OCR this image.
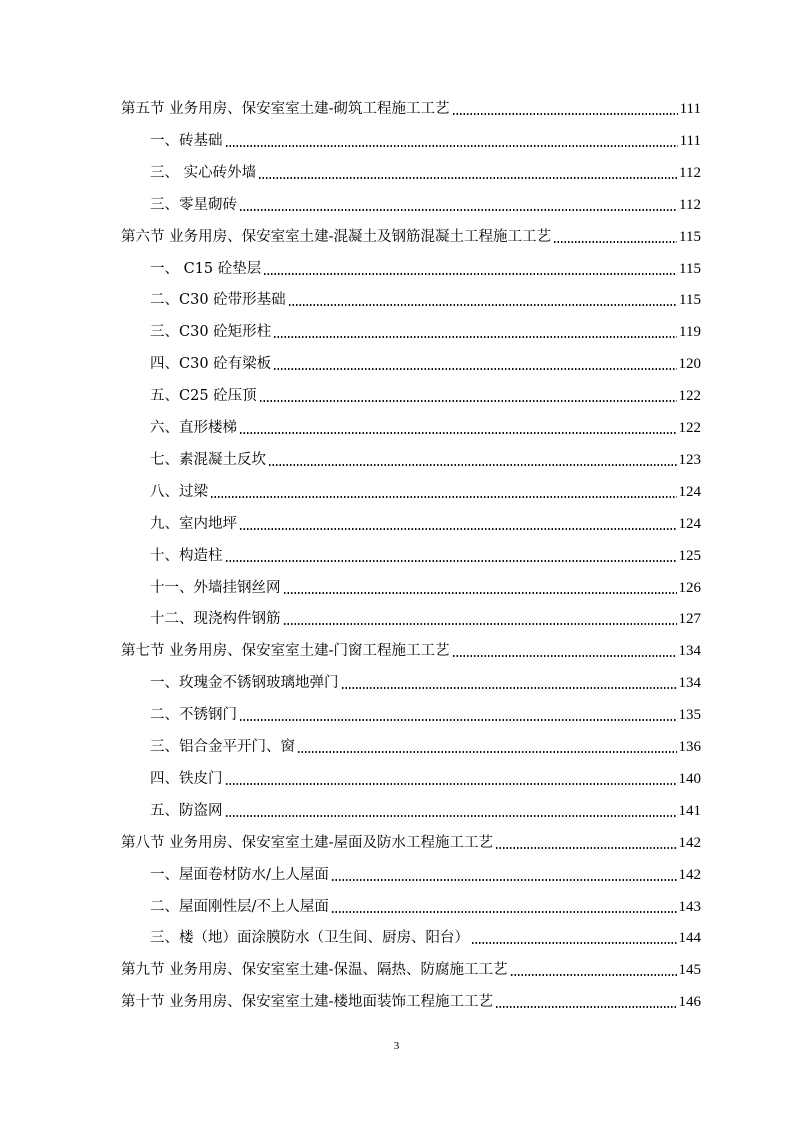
第五节 业务用房、保安室室土建-砌筑工程施工工艺	111
一、砖基础	111
三、 实心砖外墙	112
三、零星砌砖	112
第六节 业务用房、保安室室土建-混凝土及钢筋混凝土工程施工工艺	115
一、 C15 砼垫层	115
二、C30 砼带形基础	115
三、C30 砼矩形柱	119
四、C30 砼有梁板	120
五、C25 砼压顶	122
六、直形楼梯	122
七、素混凝土反坎	123
八、过梁	124
九、室内地坪	124
十、构造柱	125
十一、外墙挂钢丝网	126
十二、现浇构件钢筋	127
第七节 业务用房、保安室室土建-门窗工程施工工艺	134
一、玫瑰金不锈钢玻璃地弹门	134
二、不锈钢门	135
三、铝合金平开门、窗	136
四、铁皮门	140
五、防盗网	141
第八节 业务用房、保安室室土建-屋面及防水工程施工工艺	142
一、屋面卷材防水/上人屋面	142
二、屋面刚性层/不上人屋面	143
三、楼（地）面涂膜防水（卫生间、厨房、阳台）	144
第九节 业务用房、保安室室土建-保温、隔热、防腐施工工艺	145
第十节 业务用房、保安室室土建-楼地面装饰工程施工工艺	146
3
